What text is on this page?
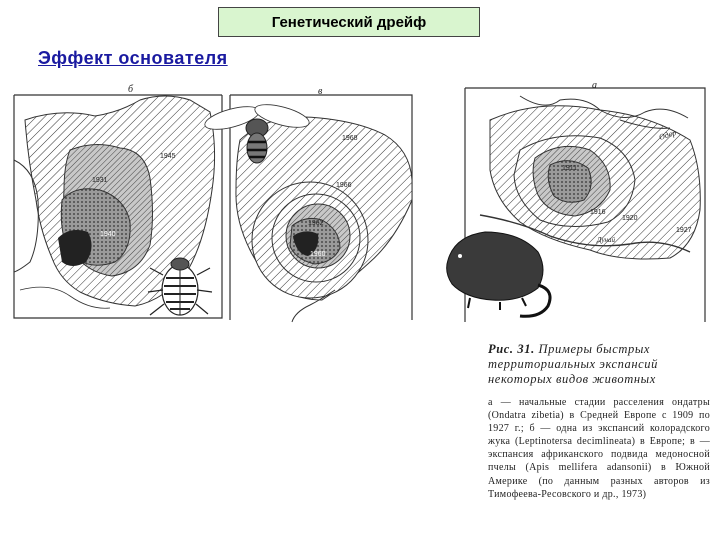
Генетический дрейф
Эффект основателя
б
1945
1931
1940
в
1968
1966
1962
1960
а
1911
1916
1920
1927
Одер
Дунай
Рис. 31. Примеры быстрых территориальных экспансий некоторых видов животных
а — начальные стадии расселения ондатры (Ondatra zibetia) в Средней Европе с 1909 по 1927 г.; б — одна из экспансий колорадского жука (Leptinotersa decimlineata) в Европе; в — экспансия африканского подвида медоносной пчелы (Apis mellifera adansonii) в Южной Америке (по данным разных авторов из Тимофеева-Ресовского и др., 1973)
